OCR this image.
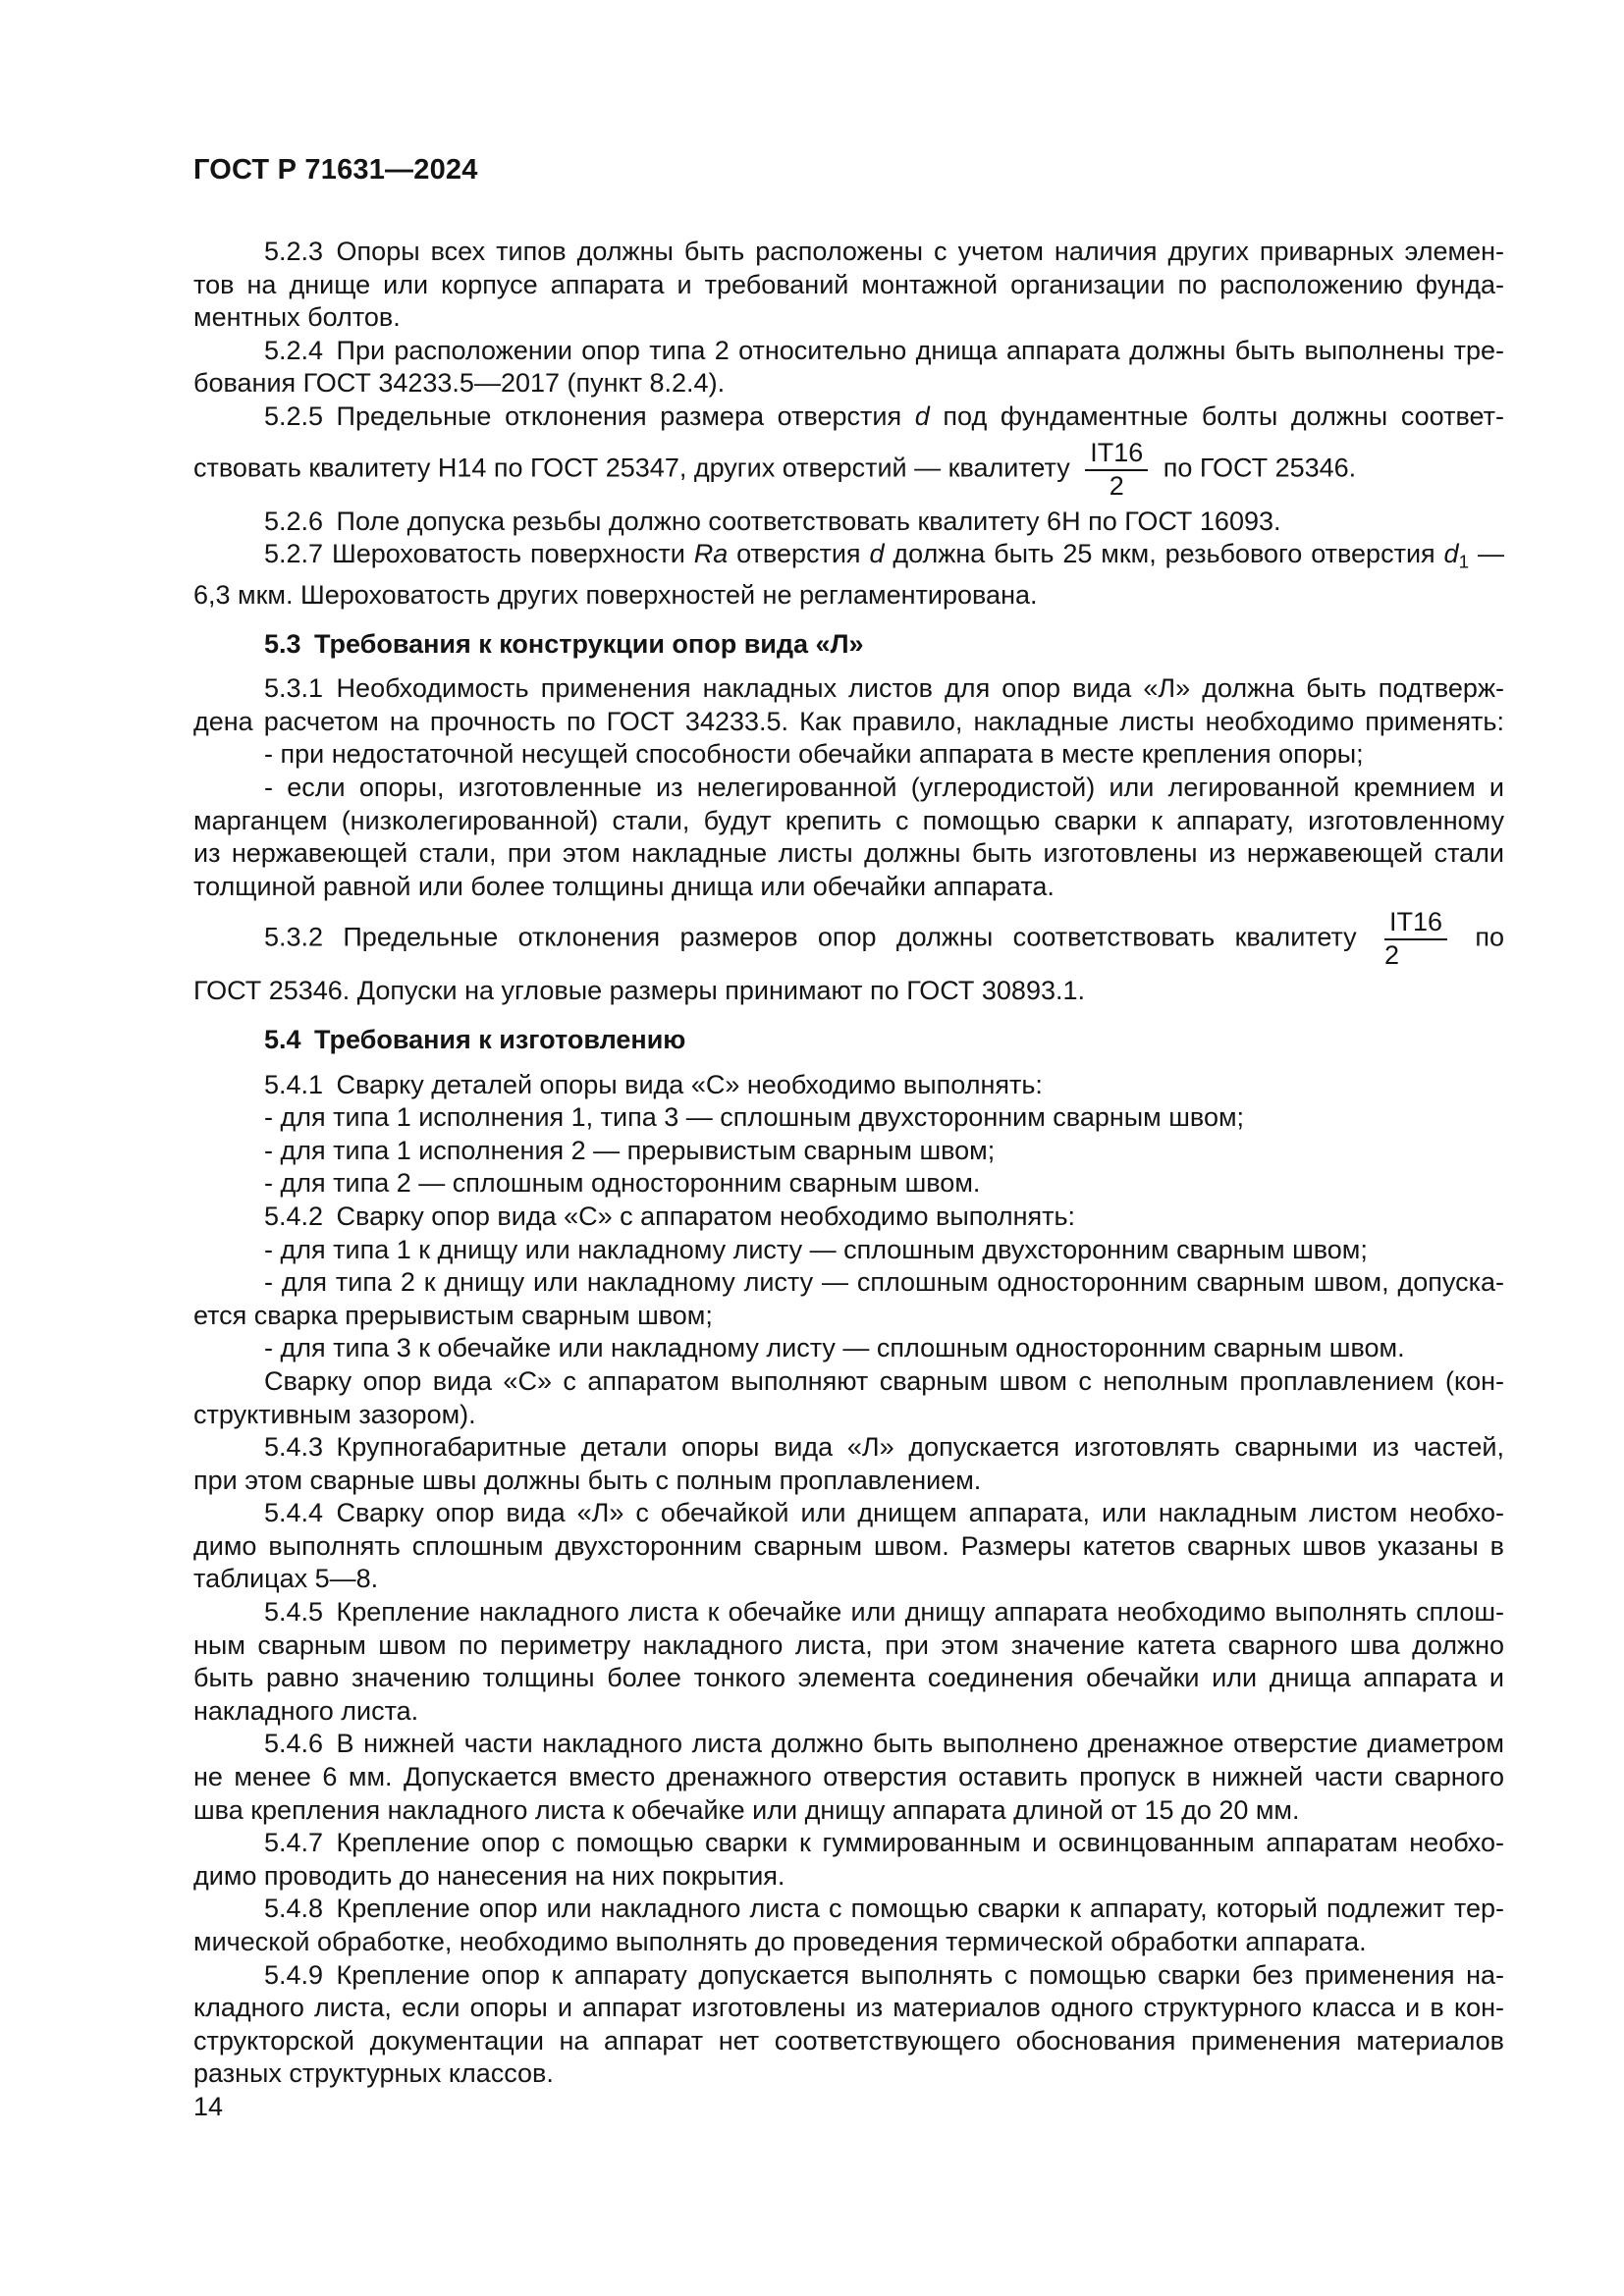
ГОСТ Р 71631—2024
5.2.3 Опоры всех типов должны быть расположены с учетом наличия других приварных элемен-
тов на днище или корпусе аппарата и требований монтажной организации по расположению фунда-
ментных болтов.
5.2.4 При расположении опор типа 2 относительно днища аппарата должны быть выполнены тре-
бования ГОСТ 34233.5—2017 (пункт 8.2.4).
5.2.5 Предельные отклонения размера отверстия d под фундаментные болты должны соответ-
ствовать квалитету H14 по ГОСТ 25347, других отверстий — квалитету $\frac{IT16}{2}$ по ГОСТ 25346.
5.2.6 Поле допуска резьбы должно соответствовать квалитету 6H по ГОСТ 16093.
5.2.7 Шероховатость поверхности Ra отверстия d должна быть 25 мкм, резьбового отверстия $d_1$ —
6,3 мкм. Шероховатость других поверхностей не регламентирована.
5.3 Требования к конструкции опор вида «Л»
5.3.1 Необходимость применения накладных листов для опор вида «Л» должна быть подтверж-
дена расчетом на прочность по ГОСТ 34233.5. Как правило, накладные листы необходимо применять:
- при недостаточной несущей способности обечайки аппарата в месте крепления опоры;
- если опоры, изготовленные из нелегированной (углеродистой) или легированной кремнием и
марганцем (низколегированной) стали, будут крепить с помощью сварки к аппарату, изготовленному
из нержавеющей стали, при этом накладные листы должны быть изготовлены из нержавеющей стали
толщиной равной или более толщины днища или обечайки аппарата.
5.3.2 Предельные отклонения размеров опор должны соответствовать квалитету $\frac{IT16}{2}$ по
ГОСТ 25346. Допуски на угловые размеры принимают по ГОСТ 30893.1.
5.4 Требования к изготовлению
5.4.1 Сварку деталей опоры вида «С» необходимо выполнять:
- для типа 1 исполнения 1, типа 3 — сплошным двухсторонним сварным швом;
- для типа 1 исполнения 2 — прерывистым сварным швом;
- для типа 2 — сплошным односторонним сварным швом.
5.4.2 Сварку опор вида «С» с аппаратом необходимо выполнять:
- для типа 1 к днищу или накладному листу — сплошным двухсторонним сварным швом;
- для типа 2 к днищу или накладному листу — сплошным односторонним сварным швом, допуска-
ется сварка прерывистым сварным швом;
- для типа 3 к обечайке или накладному листу — сплошным односторонним сварным швом.
Сварку опор вида «С» с аппаратом выполняют сварным швом с неполным проплавлением (кон-
структивным зазором).
5.4.3 Крупногабаритные детали опоры вида «Л» допускается изготовлять сварными из частей,
при этом сварные швы должны быть с полным проплавлением.
5.4.4 Сварку опор вида «Л» с обечайкой или днищем аппарата, или накладным листом необхо-
димо выполнять сплошным двухсторонним сварным швом. Размеры катетов сварных швов указаны в
таблицах 5—8.
5.4.5 Крепление накладного листа к обечайке или днищу аппарата необходимо выполнять сплош-
ным сварным швом по периметру накладного листа, при этом значение катета сварного шва должно
быть равно значению толщины более тонкого элемента соединения обечайки или днища аппарата и
накладного листа.
5.4.6 В нижней части накладного листа должно быть выполнено дренажное отверстие диаметром
не менее 6 мм. Допускается вместо дренажного отверстия оставить пропуск в нижней части сварного
шва крепления накладного листа к обечайке или днищу аппарата длиной от 15 до 20 мм.
5.4.7 Крепление опор с помощью сварки к гуммированным и освинцованным аппаратам необхо-
димо проводить до нанесения на них покрытия.
5.4.8 Крепление опор или накладного листа с помощью сварки к аппарату, который подлежит тер-
мической обработке, необходимо выполнять до проведения термической обработки аппарата.
5.4.9 Крепление опор к аппарату допускается выполнять с помощью сварки без применения на-
кладного листа, если опоры и аппарат изготовлены из материалов одного структурного класса и в кон-
структорской документации на аппарат нет соответствующего обоснования применения материалов
разных структурных классов.
14
